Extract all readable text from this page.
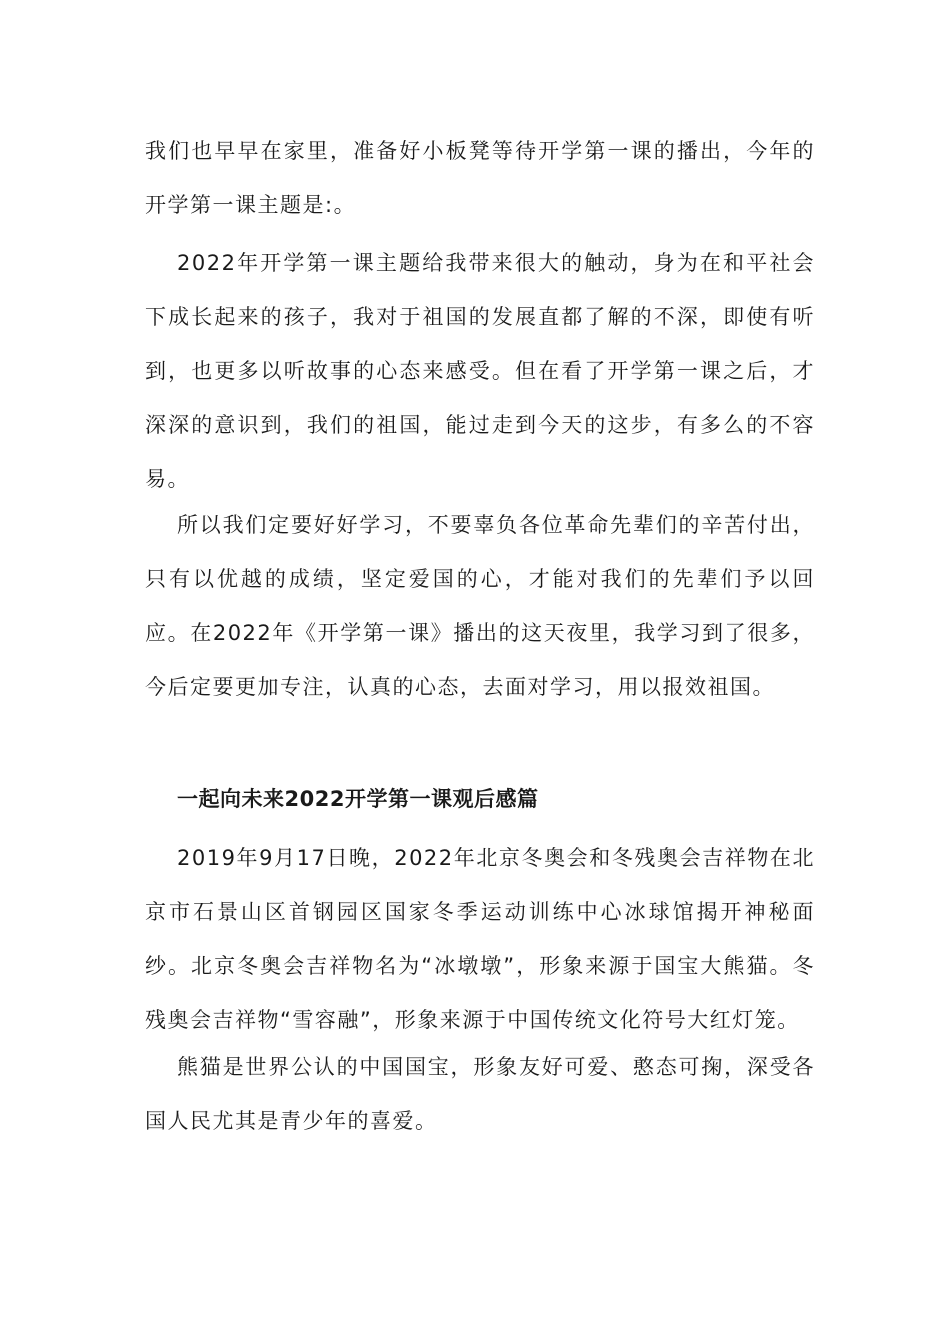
我们也早早在家里，准备好小板凳等待开学第一课的播出，今年的开学第一课主题是:。

2022年开学第一课主题给我带来很大的触动，身为在和平社会下成长起来的孩子，我对于祖国的发展直都了解的不深，即使有听到，也更多以听故事的心态来感受。但在看了开学第一课之后，才深深的意识到，我们的祖国，能过走到今天的这步，有多么的不容易。

所以我们定要好好学习，不要辜负各位革命先辈们的辛苦付出，只有以优越的成绩，坚定爱国的心，才能对我们的先辈们予以回应。在2022年《开学第一课》播出的这天夜里，我学习到了很多，今后定要更加专注，认真的心态，去面对学习，用以报效祖国。

一起向未来2022开学第一课观后感篇

2019年9月17日晚，2022年北京冬奥会和冬残奥会吉祥物在北京市石景山区首钢园区国家冬季运动训练中心冰球馆揭开神秘面纱。北京冬奥会吉祥物名为“冰墩墩”，形象来源于国宝大熊猫。冬残奥会吉祥物“雪容融”，形象来源于中国传统文化符号大红灯笼。

熊猫是世界公认的中国国宝，形象友好可爱、憨态可掬，深受各国人民尤其是青少年的喜爱。
